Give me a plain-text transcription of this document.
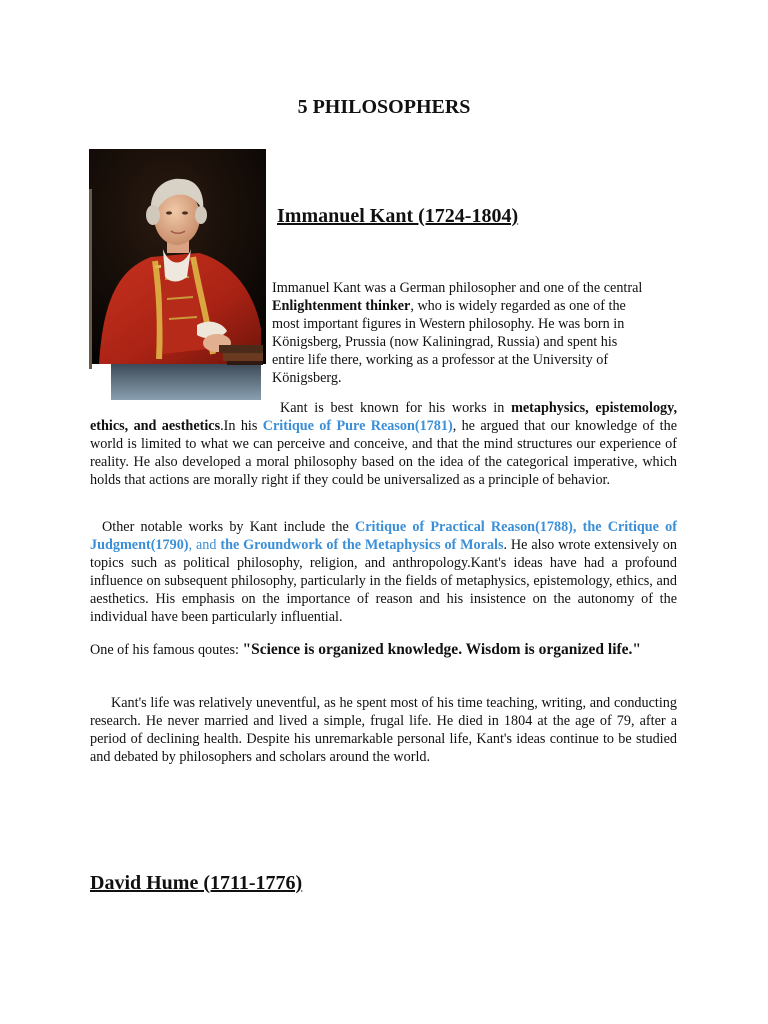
5 PHILOSOPHERS
Immanuel Kant (1724-1804)

Immanuel Kant was a German philosopher and one of the central
Enlightenment thinker, who is widely regarded as one of the
most important figures in Western philosophy. He was born in
Königsberg, Prussia (now Kaliningrad, Russia) and spent his
entire life there, working as a professor at the University of
Königsberg.

Kant is best known for his works in metaphysics, epistemology, ethics, and aesthetics.In his Critique of Pure Reason(1781), he argued that our knowledge of the world is limited to what we can perceive and conceive, and that the mind structures our experience of reality. He also developed a moral philosophy based on the idea of the categorical imperative, which holds that actions are morally right if they could be universalized as a principle of behavior.

Other notable works by Kant include the Critique of Practical Reason(1788), the Critique of Judgment(1790), and the Groundwork of the Metaphysics of Morals. He also wrote extensively on topics such as political philosophy, religion, and anthropology.Kant's ideas have had a profound influence on subsequent philosophy, particularly in the fields of metaphysics, epistemology, ethics, and aesthetics. His emphasis on the importance of reason and his insistence on the autonomy of the individual have been particularly influential.

One of his famous qoutes: "Science is organized knowledge. Wisdom is organized life."

Kant's life was relatively uneventful, as he spent most of his time teaching, writing, and conducting research. He never married and lived a simple, frugal life. He died in 1804 at the age of 79, after a period of declining health. Despite his unremarkable personal life, Kant's ideas continue to be studied and debated by philosophers and scholars around the world.

David Hume (1711-1776)
